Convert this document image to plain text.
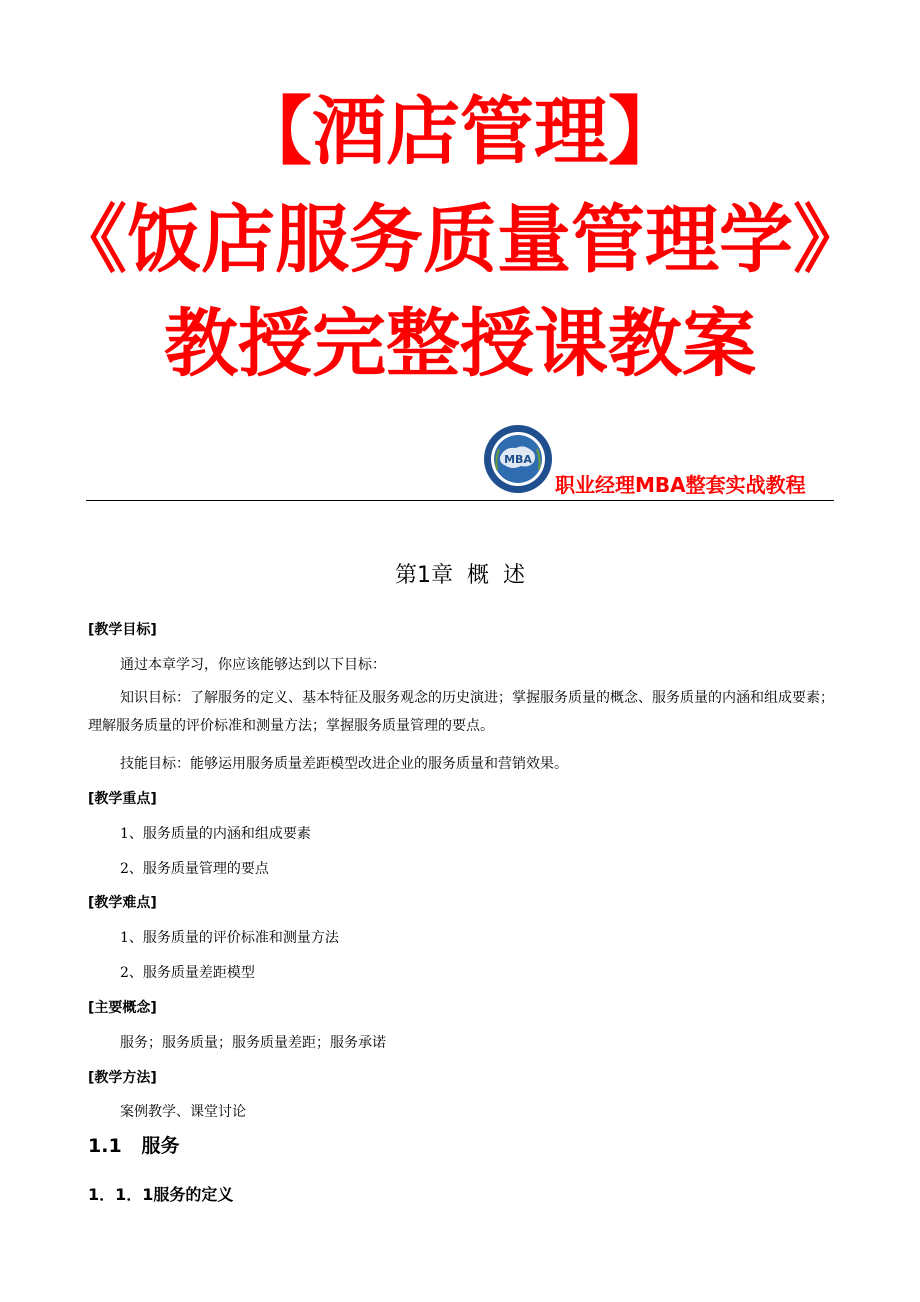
【酒店管理】
《饭店服务质量管理学》
教授完整授课教案
MBA
职业经理MBA整套实战教程
第1章  概  述
[教学目标]
通过本章学习，你应该能够达到以下目标：
知识目标：了解服务的定义、基本特征及服务观念的历史演进；掌握服务质量的概念、服务质量的内涵和组成要素；理解服务质量的评价标准和测量方法；掌握服务质量管理的要点。
技能目标：能够运用服务质量差距模型改进企业的服务质量和营销效果。
[教学重点]
1、服务质量的内涵和组成要素
2、服务质量管理的要点
[教学难点]
1、服务质量的评价标准和测量方法
2、服务质量差距模型
[主要概念]
服务；服务质量；服务质量差距；服务承诺
[教学方法]
案例教学、课堂讨论
1.1   服务
1．1．1服务的定义
